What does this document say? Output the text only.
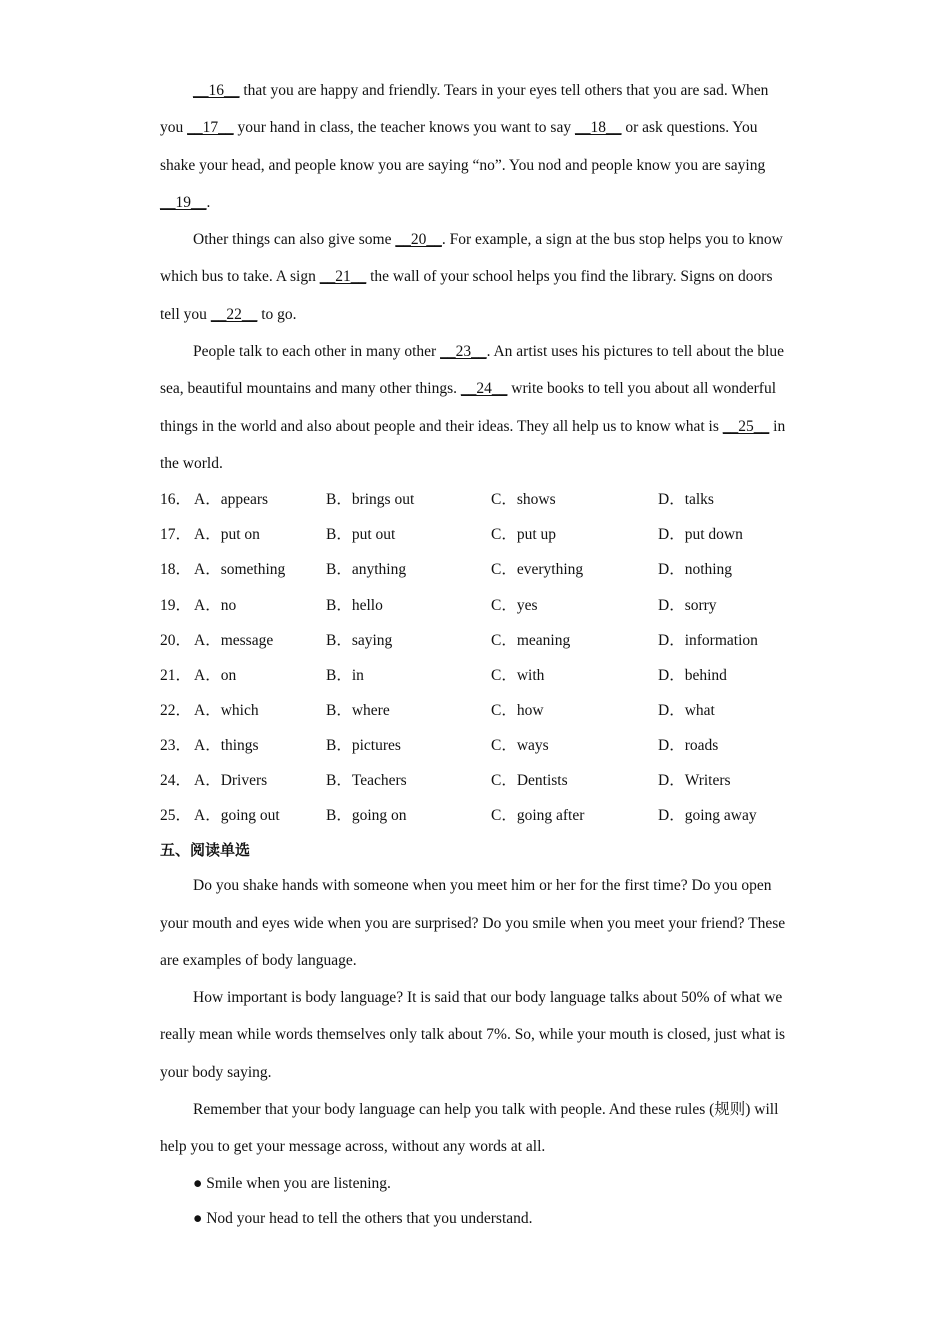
__16__ that you are happy and friendly. Tears in your eyes tell others that you are sad. When you __17__ your hand in class, the teacher knows you want to say __18__ or ask questions. You shake your head, and people know you are saying “no”. You nod and people know you are saying __19__.

Other things can also give some __20__. For example, a sign at the bus stop helps you to know which bus to take. A sign __21__ the wall of your school helps you find the library. Signs on doors tell you __22__ to go.

People talk to each other in many other __23__. An artist uses his pictures to tell about the blue sea, beautiful mountains and many other things. __24__ write books to tell you about all wonderful things in the world and also about people and their ideas. They all help us to know what is __25__ in the world.

16． A．appears	B．brings out	C．shows	D．talks
17． A．put on	B．put out	C．put up	D．put down
18． A．something	B．anything	C．everything	D．nothing
19． A．no	B．hello	C．yes	D．sorry
20． A．message	B．saying	C．meaning	D．information
21． A．on	B．in	C．with	D．behind
22． A．which	B．where	C．how	D．what
23． A．things	B．pictures	C．ways	D．roads
24． A．Drivers	B．Teachers	C．Dentists	D．Writers
25． A．going out	B．going on	C．going after	D．going away
五、阅读单选

Do you shake hands with someone when you meet him or her for the first time? Do you open your mouth and eyes wide when you are surprised? Do you smile when you meet your friend? These are examples of body language.

How important is body language? It is said that our body language talks about 50% of what we really mean while words themselves only talk about 7%. So, while your mouth is closed, just what is your body saying.

Remember that your body language can help you talk with people. And these rules (规则) will help you to get your message across, without any words at all.

● Smile when you are listening.

● Nod your head to tell the others that you understand.
